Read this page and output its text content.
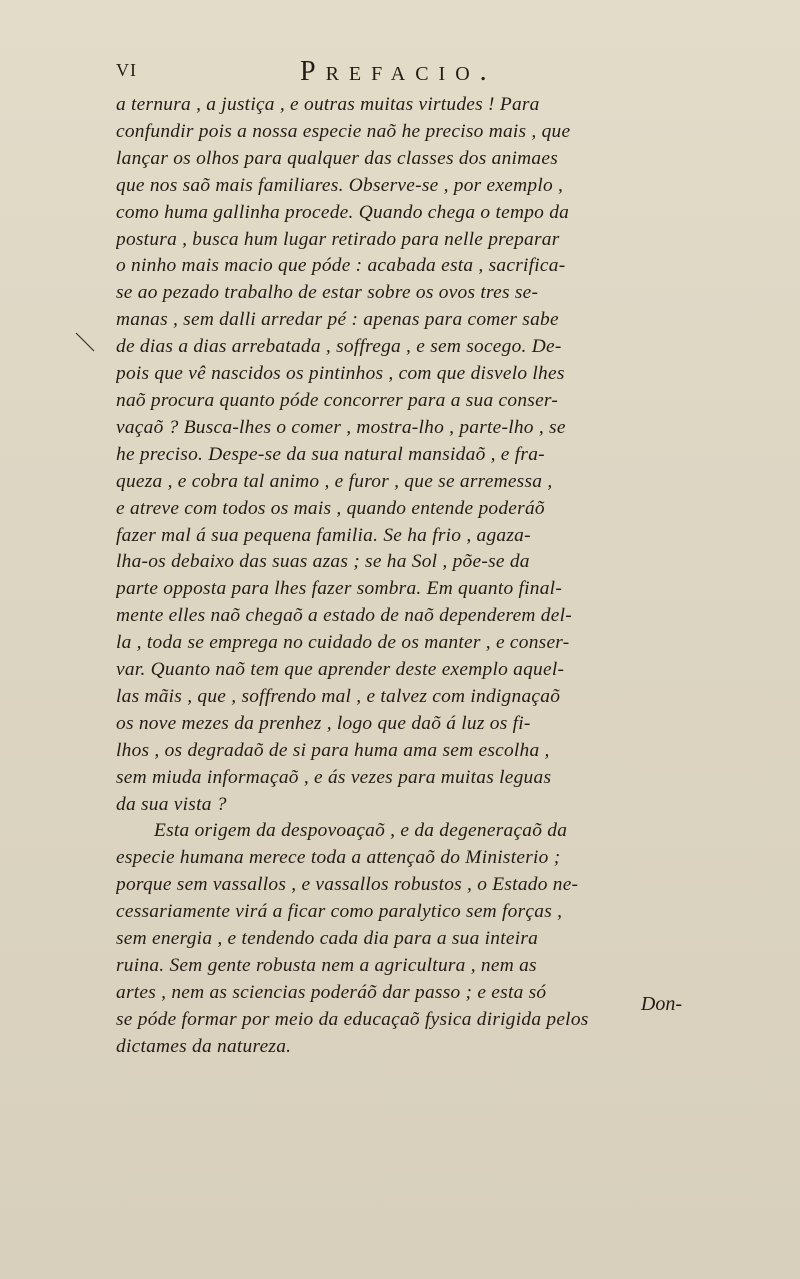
VI	Prefacio.
a ternura , a justiça , e outras muitas virtudes ! Para
confundir pois a nossa especie naõ he preciso mais , que
lançar os olhos para qualquer das classes dos animaes
que nos saõ mais familiares. Observe-se , por exemplo ,
como huma gallinha procede. Quando chega o tempo da
postura , busca hum lugar retirado para nelle preparar
o ninho mais macio que póde : acabada esta , sacrifica-
se ao pezado trabalho de estar sobre os ovos tres se-
manas , sem dalli arredar pé : apenas para comer sabe
de dias a dias arrebatada , soffrega , e sem socego. De-
pois que vê nascidos os pintinhos , com que disvelo lhes
naõ procura quanto póde concorrer para a sua conser-
vaçaõ ? Busca-lhes o comer , mostra-lho , parte-lho , se
he preciso. Despe-se da sua natural mansidaõ , e fra-
queza , e cobra tal animo , e furor , que se arremessa ,
e atreve com todos os mais , quando entende poderáõ
fazer mal á sua pequena familia. Se ha frio , agaza-
lha-os debaixo das suas azas ; se ha Sol , põe-se da
parte opposta para lhes fazer sombra. Em quanto final-
mente elles naõ chegaõ a estado de naõ dependerem del-
la , toda se emprega no cuidado de os manter , e conser-
var. Quanto naõ tem que aprender deste exemplo aquel-
las mãis , que , soffrendo mal , e talvez com indignaçaõ
os nove mezes da prenhez , logo que daõ á luz os fi-
lhos , os degradaõ de si para huma ama sem escolha ,
sem miuda informaçaõ , e ás vezes para muitas leguas
da sua vista ?
Esta origem da despovoaçaõ , e da degeneraçaõ da
especie humana merece toda a attençaõ do Ministerio ;
porque sem vassallos , e vassallos robustos , o Estado ne-
cessariamente virá a ficar como paralytico sem forças ,
sem energia , e tendendo cada dia para a sua inteira
ruina. Sem gente robusta nem a agricultura , nem as
artes , nem as sciencias poderáõ dar passo ; e esta só
se póde formar por meio da educaçaõ fysica dirigida pelos
dictames da natureza.
Don-
